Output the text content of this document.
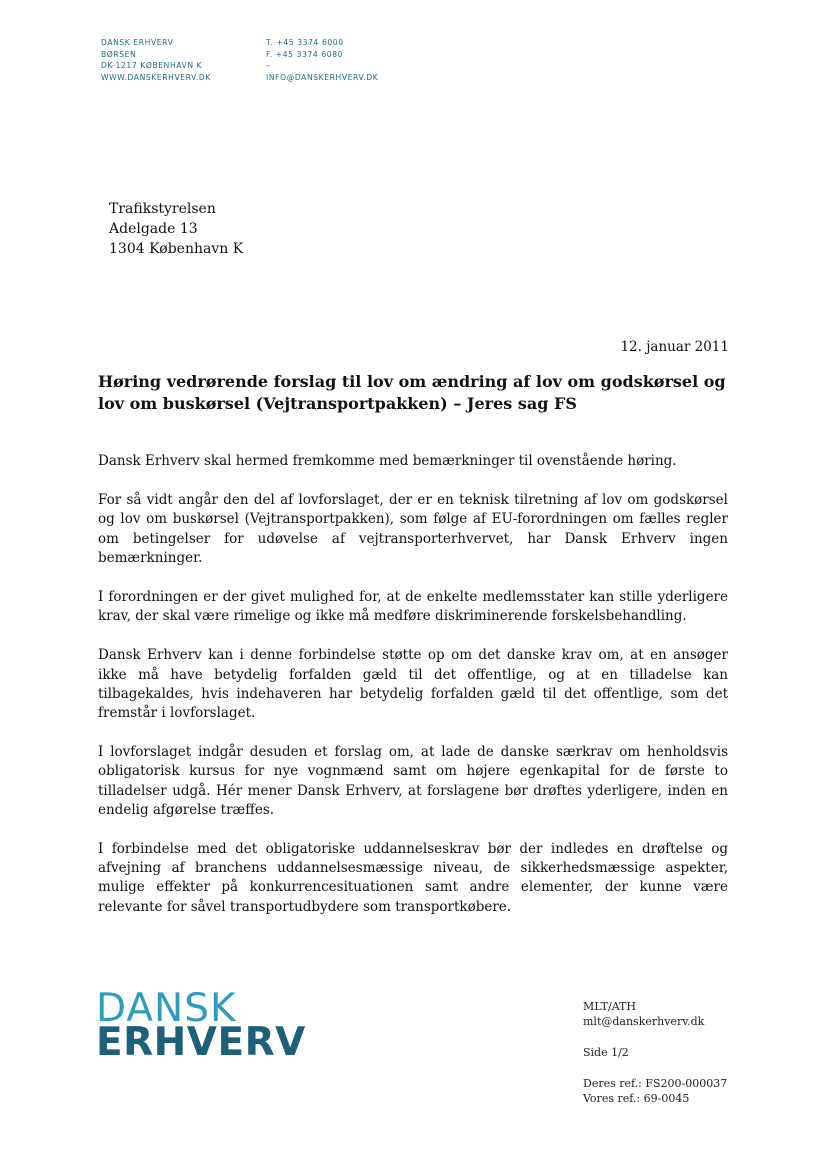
DANSK ERHVERV
BØRSEN
DK-1217 KØBENHAVN K
WWW.DANSKERHVERV.DK
T. +45 3374 6000
F. +45 3374 6080
–
INFO@DANSKERHVERV.DK
Trafikstyrelsen
Adelgade 13
1304 København K
12. januar 2011
Høring vedrørende forslag til lov om ændring af lov om godskørsel og lov om buskørsel (Vejtransportpakken) – Jeres sag FS

Dansk Erhverv skal hermed fremkomme med bemærkninger til ovenstående høring.

For så vidt angår den del af lovforslaget, der er en teknisk tilretning af lov om godskørsel og lov om buskørsel (Vejtransportpakken), som følge af EU-forordningen om fælles regler om betingelser for udøvelse af vejtransporterhvervet, har Dansk Erhverv ingen bemærkninger.

I forordningen er der givet mulighed for, at de enkelte medlemsstater kan stille yderligere krav, der skal være rimelige og ikke må medføre diskriminerende forskelsbehandling.

Dansk Erhverv kan i denne forbindelse støtte op om det danske krav om, at en ansøger ikke må have betydelig forfalden gæld til det offentlige, og at en tilladelse kan tilbagekaldes, hvis indehaveren har betydelig forfalden gæld til det offentlige, som det fremstår i lovforslaget.

I lovforslaget indgår desuden et forslag om, at lade de danske særkrav om henholdsvis obligatorisk kursus for nye vognmænd samt om højere egenkapital for de første to tilladelser udgå. Hér mener Dansk Erhverv, at forslagene bør drøftes yderligere, inden en endelig afgørelse træffes.

I forbindelse med det obligatoriske uddannelseskrav bør der indledes en drøftelse og afvejning af branchens uddannelsesmæssige niveau, de sikkerhedsmæssige aspekter, mulige effekter på konkurrencesituationen samt andre elementer, der kunne være relevante for såvel transportudbydere som transportkøbere.

DANSK
ERHVERV
MLT/ATH
mlt@danskerhverv.dk
Side 1/2
Deres ref.: FS200-000037
Vores ref.: 69-0045
